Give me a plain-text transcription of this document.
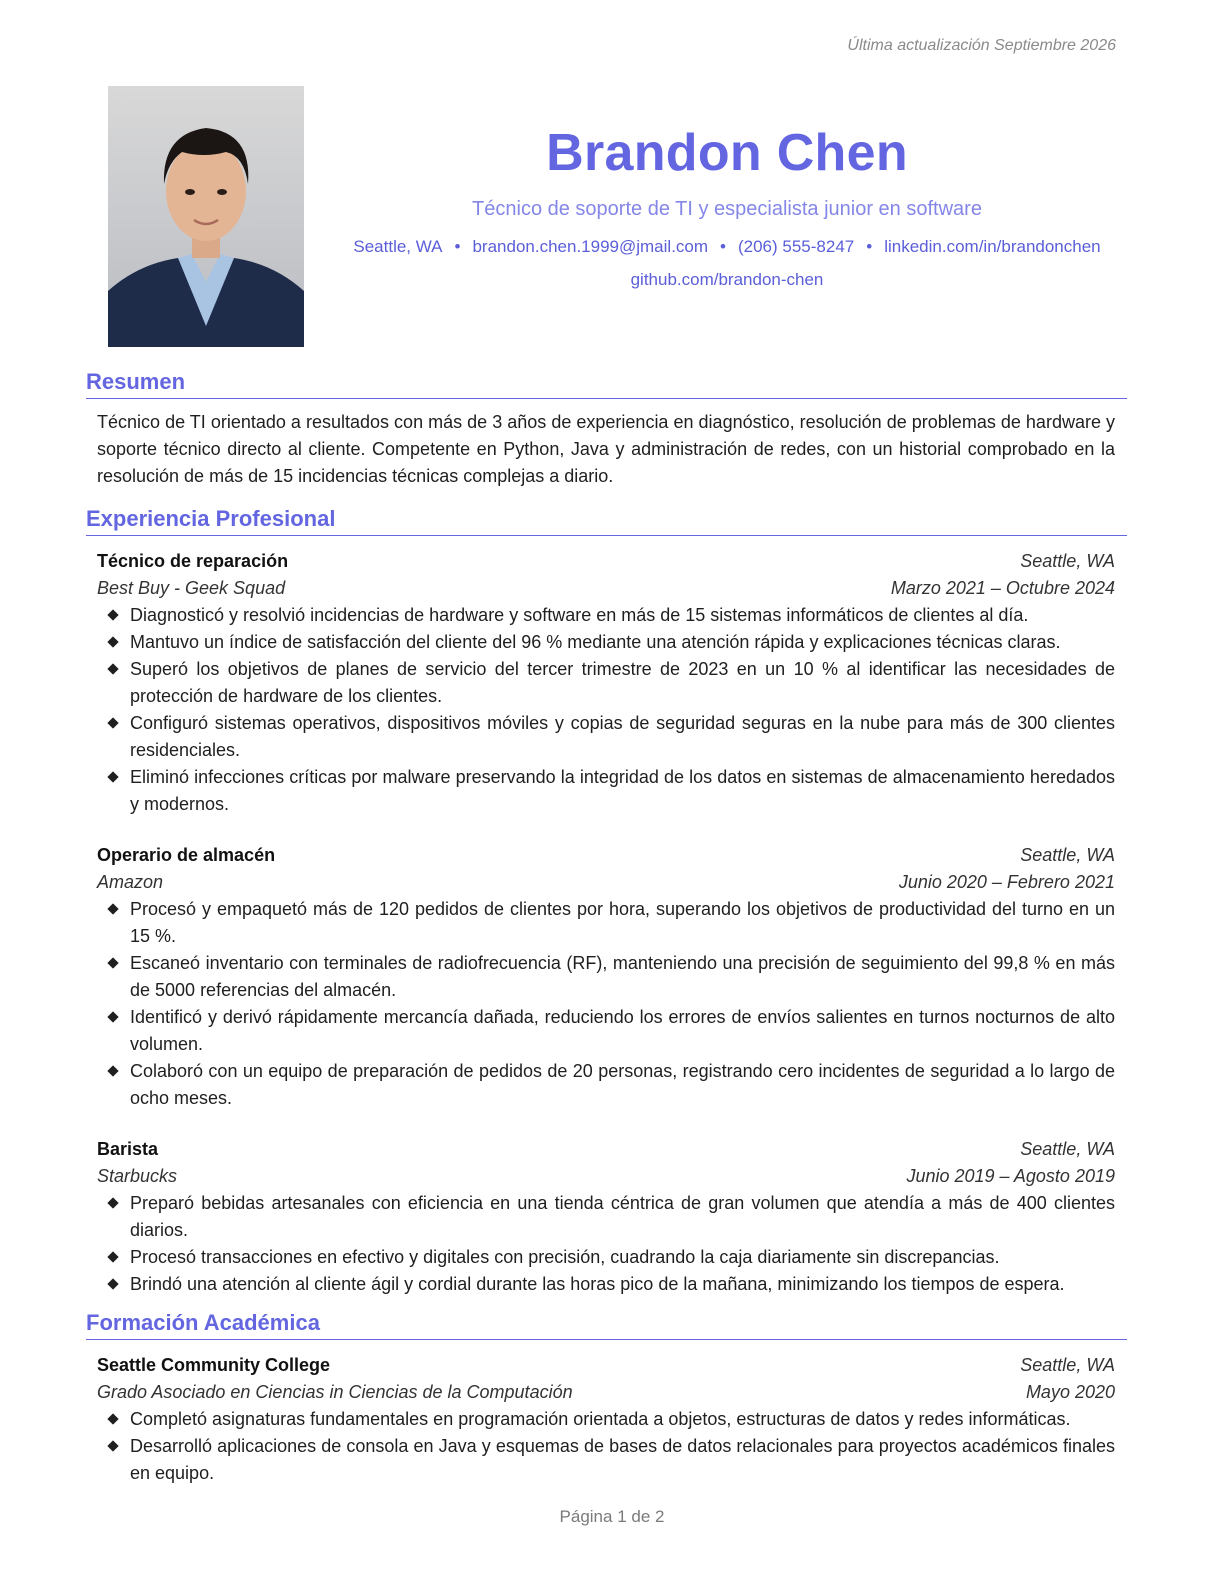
Última actualización Septiembre 2026
Brandon Chen
Técnico de soporte de TI y especialista junior en software
Seattle, WA • brandon.chen.1999@jmail.com • (206) 555-8247 • linkedin.com/in/brandonchen
github.com/brandon-chen
Resumen
Técnico de TI orientado a resultados con más de 3 años de experiencia en diagnóstico, resolución de problemas de hardware y soporte técnico directo al cliente. Competente en Python, Java y administración de redes, con un historial comprobado en la resolución de más de 15 incidencias técnicas complejas a diario.
Experiencia Profesional
Técnico de reparación	Seattle, WA
Best Buy - Geek Squad	Marzo 2021 – Octubre 2024
Diagnosticó y resolvió incidencias de hardware y software en más de 15 sistemas informáticos de clientes al día.
Mantuvo un índice de satisfacción del cliente del 96 % mediante una atención rápida y explicaciones técnicas claras.
Superó los objetivos de planes de servicio del tercer trimestre de 2023 en un 10 % al identificar las necesidades de protección de hardware de los clientes.
Configuró sistemas operativos, dispositivos móviles y copias de seguridad seguras en la nube para más de 300 clientes residenciales.
Eliminó infecciones críticas por malware preservando la integridad de los datos en sistemas de almacenamiento heredados y modernos.
Operario de almacén	Seattle, WA
Amazon	Junio 2020 – Febrero 2021
Procesó y empaquetó más de 120 pedidos de clientes por hora, superando los objetivos de productividad del turno en un 15 %.
Escaneó inventario con terminales de radiofrecuencia (RF), manteniendo una precisión de seguimiento del 99,8 % en más de 5000 referencias del almacén.
Identificó y derivó rápidamente mercancía dañada, reduciendo los errores de envíos salientes en turnos nocturnos de alto volumen.
Colaboró con un equipo de preparación de pedidos de 20 personas, registrando cero incidentes de seguridad a lo largo de ocho meses.
Barista	Seattle, WA
Starbucks	Junio 2019 – Agosto 2019
Preparó bebidas artesanales con eficiencia en una tienda céntrica de gran volumen que atendía a más de 400 clientes diarios.
Procesó transacciones en efectivo y digitales con precisión, cuadrando la caja diariamente sin discrepancias.
Brindó una atención al cliente ágil y cordial durante las horas pico de la mañana, minimizando los tiempos de espera.
Formación Académica
Seattle Community College	Seattle, WA
Grado Asociado en Ciencias in Ciencias de la Computación	Mayo 2020
Completó asignaturas fundamentales en programación orientada a objetos, estructuras de datos y redes informáticas.
Desarrolló aplicaciones de consola en Java y esquemas de bases de datos relacionales para proyectos académicos finales en equipo.
Página 1 de 2
